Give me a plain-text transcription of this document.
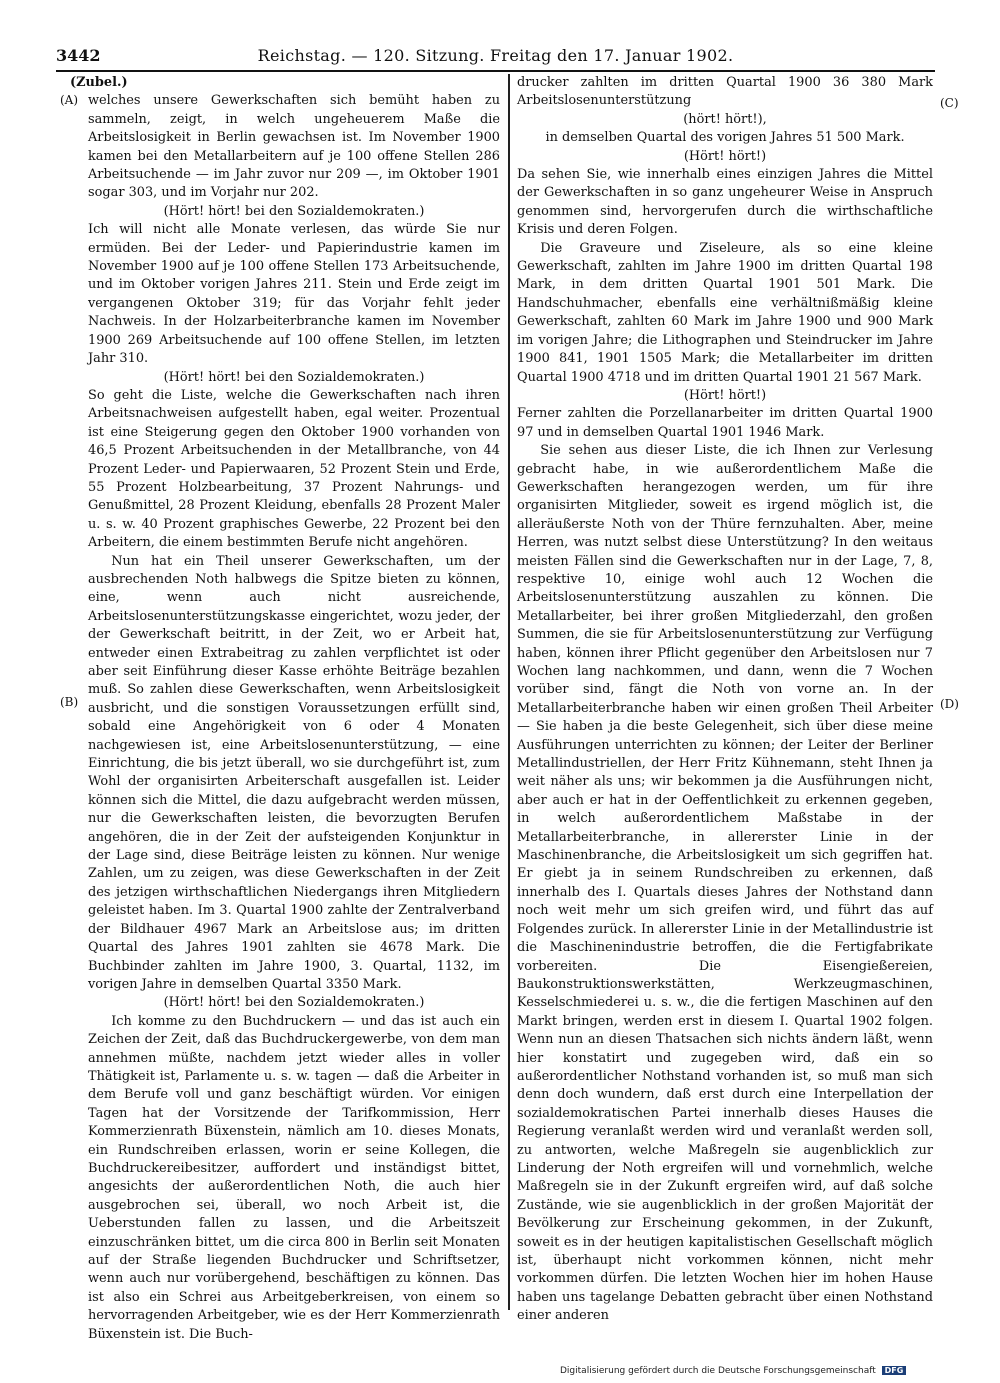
3442	Reichstag. — 120. Sitzung. Freitag den 17. Januar 1902.
(A)
(B)
(C)
(D)

(Zubel.)

welches unsere Gewerkschaften sich bemüht haben zu sammeln, zeigt, in welch ungeheuerem Maße die Arbeitslosigkeit in Berlin gewachsen ist. Im November 1900 kamen bei den Metallarbeitern auf je 100 offene Stellen 286 Arbeitsuchende — im Jahr zuvor nur 209 —, im Oktober 1901 sogar 303, und im Vorjahr nur 202.

(Hört! hört! bei den Sozialdemokraten.)

Ich will nicht alle Monate verlesen, das würde Sie nur ermüden. Bei der Leder- und Papierindustrie kamen im November 1900 auf je 100 offene Stellen 173 Arbeitsuchende, und im Oktober vorigen Jahres 211. Stein und Erde zeigt im vergangenen Oktober 319; für das Vorjahr fehlt jeder Nachweis. In der Holzarbeiterbranche kamen im November 1900 269 Arbeitsuchende auf 100 offene Stellen, im letzten Jahr 310.

(Hört! hört! bei den Sozialdemokraten.)

So geht die Liste, welche die Gewerkschaften nach ihren Arbeitsnachweisen aufgestellt haben, egal weiter. Prozentual ist eine Steigerung gegen den Oktober 1900 vorhanden von 46,5 Prozent Arbeitsuchenden in der Metallbranche, von 44 Prozent Leder- und Papierwaaren, 52 Prozent Stein und Erde, 55 Prozent Holzbearbeitung, 37 Prozent Nahrungs- und Genußmittel, 28 Prozent Kleidung, ebenfalls 28 Prozent Maler u. s. w. 40 Prozent graphisches Gewerbe, 22 Prozent bei den Arbeitern, die einem bestimmten Berufe nicht angehören.

Nun hat ein Theil unserer Gewerkschaften, um der ausbrechenden Noth halbwegs die Spitze bieten zu können, eine, wenn auch nicht ausreichende, Arbeitslosenunterstützungskasse eingerichtet, wozu jeder, der der Gewerkschaft beitritt, in der Zeit, wo er Arbeit hat, entweder einen Extrabeitrag zu zahlen verpflichtet ist oder aber seit Einführung dieser Kasse erhöhte Beiträge bezahlen muß. So zahlen diese Gewerkschaften, wenn Arbeitslosigkeit ausbricht, und die sonstigen Voraussetzungen erfüllt sind, sobald eine Angehörigkeit von 6 oder 4 Monaten nachgewiesen ist, eine Arbeitslosenunterstützung, — eine Einrichtung, die bis jetzt überall, wo sie durchgeführt ist, zum Wohl der organisirten Arbeiterschaft ausgefallen ist. Leider können sich die Mittel, die dazu aufgebracht werden müssen, nur die Gewerkschaften leisten, die bevorzugten Berufen angehören, die in der Zeit der aufsteigenden Konjunktur in der Lage sind, diese Beiträge leisten zu können. Nur wenige Zahlen, um zu zeigen, was diese Gewerkschaften in der Zeit des jetzigen wirthschaftlichen Niedergangs ihren Mitgliedern geleistet haben. Im 3. Quartal 1900 zahlte der Zentralverband der Bildhauer 4967 Mark an Arbeitslose aus; im dritten Quartal des Jahres 1901 zahlten sie 4678 Mark. Die Buchbinder zahlten im Jahre 1900, 3. Quartal, 1132, im vorigen Jahre in demselben Quartal 3350 Mark.

(Hört! hört! bei den Sozialdemokraten.)

Ich komme zu den Buchdruckern — und das ist auch ein Zeichen der Zeit, daß das Buchdruckergewerbe, von dem man annehmen müßte, nachdem jetzt wieder alles in voller Thätigkeit ist, Parlamente u. s. w. tagen — daß die Arbeiter in dem Berufe voll und ganz beschäftigt würden. Vor einigen Tagen hat der Vorsitzende der Tarifkommission, Herr Kommerzienrath Büxenstein, nämlich am 10. dieses Monats, ein Rundschreiben erlassen, worin er seine Kollegen, die Buchdruckereibesitzer, auffordert und inständigst bittet, angesichts der außerordentlichen Noth, die auch hier ausgebrochen sei, überall, wo noch Arbeit ist, die Ueberstunden fallen zu lassen, und die Arbeitszeit einzuschränken bittet, um die circa 800 in Berlin seit Monaten auf der Straße liegenden Buchdrucker und Schriftsetzer, wenn auch nur vorübergehend, beschäftigen zu können. Das ist also ein Schrei aus Arbeitgeberkreisen, von einem so hervorragenden Arbeitgeber, wie es der Herr Kommerzienrath Büxenstein ist. Die Buch-

drucker zahlten im dritten Quartal 1900 36 380 Mark Arbeitslosenunterstützung

(hört! hört!),

in demselben Quartal des vorigen Jahres 51 500 Mark.

(Hört! hört!)

Da sehen Sie, wie innerhalb eines einzigen Jahres die Mittel der Gewerkschaften in so ganz ungeheurer Weise in Anspruch genommen sind, hervorgerufen durch die wirthschaftliche Krisis und deren Folgen.

Die Graveure und Ziseleure, als so eine kleine Gewerkschaft, zahlten im Jahre 1900 im dritten Quartal 198 Mark, in dem dritten Quartal 1901 501 Mark. Die Handschuhmacher, ebenfalls eine verhältnißmäßig kleine Gewerkschaft, zahlten 60 Mark im Jahre 1900 und 900 Mark im vorigen Jahre; die Lithographen und Steindrucker im Jahre 1900 841, 1901 1505 Mark; die Metallarbeiter im dritten Quartal 1900 4718 und im dritten Quartal 1901 21 567 Mark.

(Hört! hört!)

Ferner zahlten die Porzellanarbeiter im dritten Quartal 1900 97 und in demselben Quartal 1901 1946 Mark.

Sie sehen aus dieser Liste, die ich Ihnen zur Verlesung gebracht habe, in wie außerordentlichem Maße die Gewerkschaften herangezogen werden, um für ihre organisirten Mitglieder, soweit es irgend möglich ist, die alleräußerste Noth von der Thüre fernzuhalten. Aber, meine Herren, was nutzt selbst diese Unterstützung? In den weitaus meisten Fällen sind die Gewerkschaften nur in der Lage, 7, 8, respektive 10, einige wohl auch 12 Wochen die Arbeitslosenunterstützung auszahlen zu können. Die Metallarbeiter, bei ihrer großen Mitgliederzahl, den großen Summen, die sie für Arbeitslosenunterstützung zur Verfügung haben, können ihrer Pflicht gegenüber den Arbeitslosen nur 7 Wochen lang nachkommen, und dann, wenn die 7 Wochen vorüber sind, fängt die Noth von vorne an. In der Metallarbeiterbranche haben wir einen großen Theil Arbeiter — Sie haben ja die beste Gelegenheit, sich über diese meine Ausführungen unterrichten zu können; der Leiter der Berliner Metallindustriellen, der Herr Fritz Kühnemann, steht Ihnen ja weit näher als uns; wir bekommen ja die Ausführungen nicht, aber auch er hat in der Oeffentlichkeit zu erkennen gegeben, in welch außerordentlichem Maßstabe in der Metallarbeiterbranche, in allererster Linie in der Maschinenbranche, die Arbeitslosigkeit um sich gegriffen hat. Er giebt ja in seinem Rundschreiben zu erkennen, daß innerhalb des I. Quartals dieses Jahres der Nothstand dann noch weit mehr um sich greifen wird, und führt das auf Folgendes zurück. In allererster Linie in der Metallindustrie ist die Maschinenindustrie betroffen, die die Fertigfabrikate vorbereiten. Die Eisengießereien, Baukonstruktionswerkstätten, Werkzeugmaschinen, Kesselschmiederei u. s. w., die die fertigen Maschinen auf den Markt bringen, werden erst in diesem I. Quartal 1902 folgen. Wenn nun an diesen Thatsachen sich nichts ändern läßt, wenn hier konstatirt und zugegeben wird, daß ein so außerordentlicher Nothstand vorhanden ist, so muß man sich denn doch wundern, daß erst durch eine Interpellation der sozialdemokratischen Partei innerhalb dieses Hauses die Regierung veranlaßt werden wird und veranlaßt werden soll, zu antworten, welche Maßregeln sie augenblicklich zur Linderung der Noth ergreifen will und vornehmlich, welche Maßregeln sie in der Zukunft ergreifen wird, auf daß solche Zustände, wie sie augenblicklich in der großen Majorität der Bevölkerung zur Erscheinung gekommen, in der Zukunft, soweit es in der heutigen kapitalistischen Gesellschaft möglich ist, überhaupt nicht vorkommen können, nicht mehr vorkommen dürfen. Die letzten Wochen hier im hohen Hause haben uns tagelange Debatten gebracht über einen Nothstand einer anderen

Digitalisierung gefördert durch die Deutsche Forschungsgemeinschaft DFG
